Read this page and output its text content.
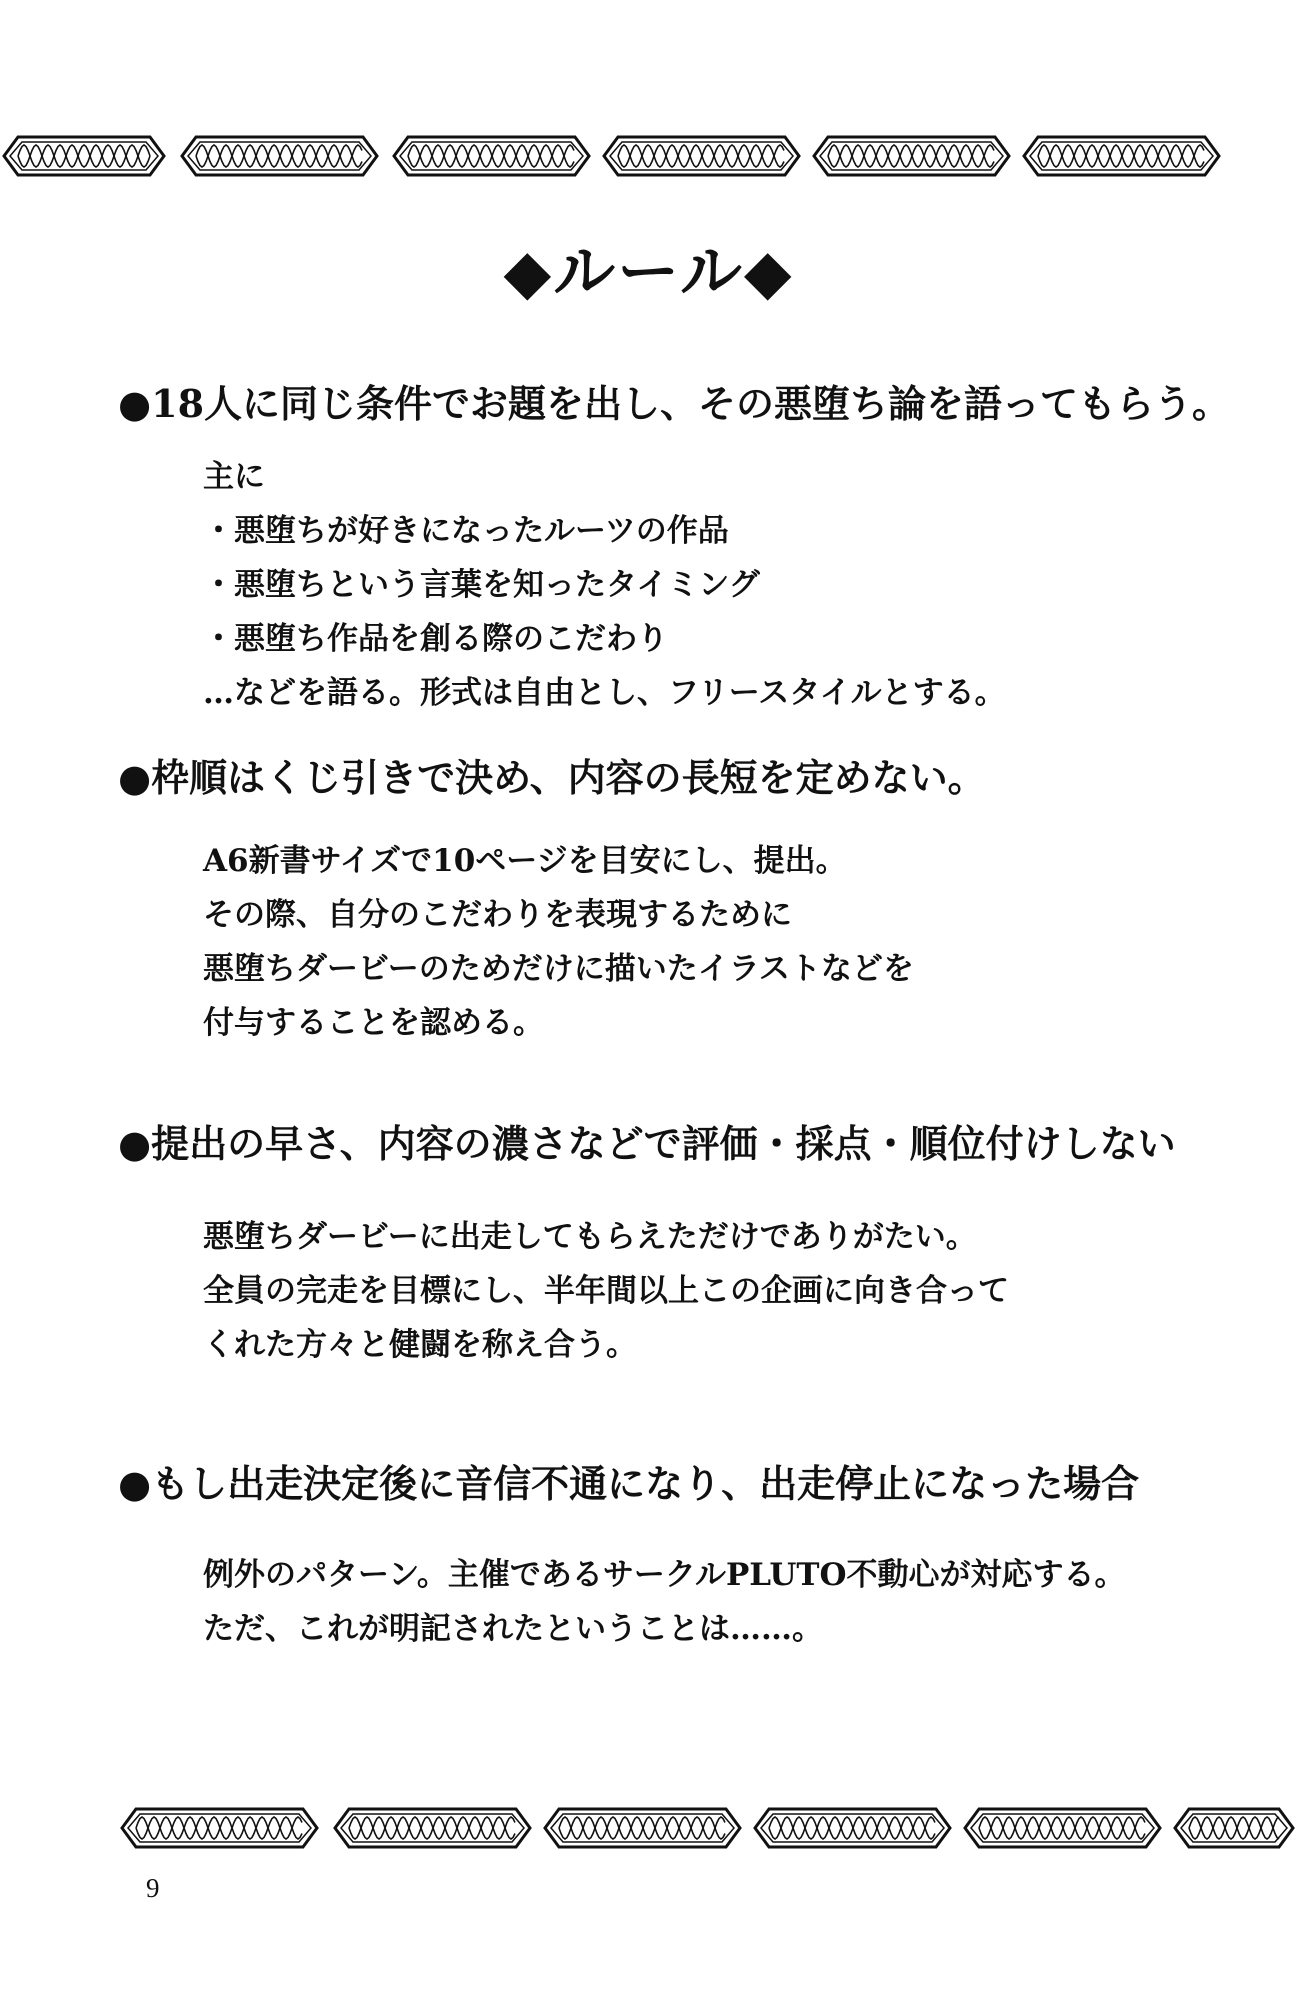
◆ルール◆
●18人に同じ条件でお題を出し、その悪堕ち論を語ってもらう。
主に
・悪堕ちが好きになったルーツの作品
・悪堕ちという言葉を知ったタイミング
・悪堕ち作品を創る際のこだわり
…などを語る。形式は自由とし、フリースタイルとする。
●枠順はくじ引きで決め、内容の長短を定めない。
A6新書サイズで10ページを目安にし、提出。
その際、自分のこだわりを表現するために
悪堕ちダービーのためだけに描いたイラストなどを
付与することを認める。
●提出の早さ、内容の濃さなどで評価・採点・順位付けしない
悪堕ちダービーに出走してもらえただけでありがたい。
全員の完走を目標にし、半年間以上この企画に向き合って
くれた方々と健闘を称え合う。
●もし出走決定後に音信不通になり、出走停止になった場合
例外のパターン。主催であるサークルPLUTO不動心が対応する。
ただ、これが明記されたということは……。
9
